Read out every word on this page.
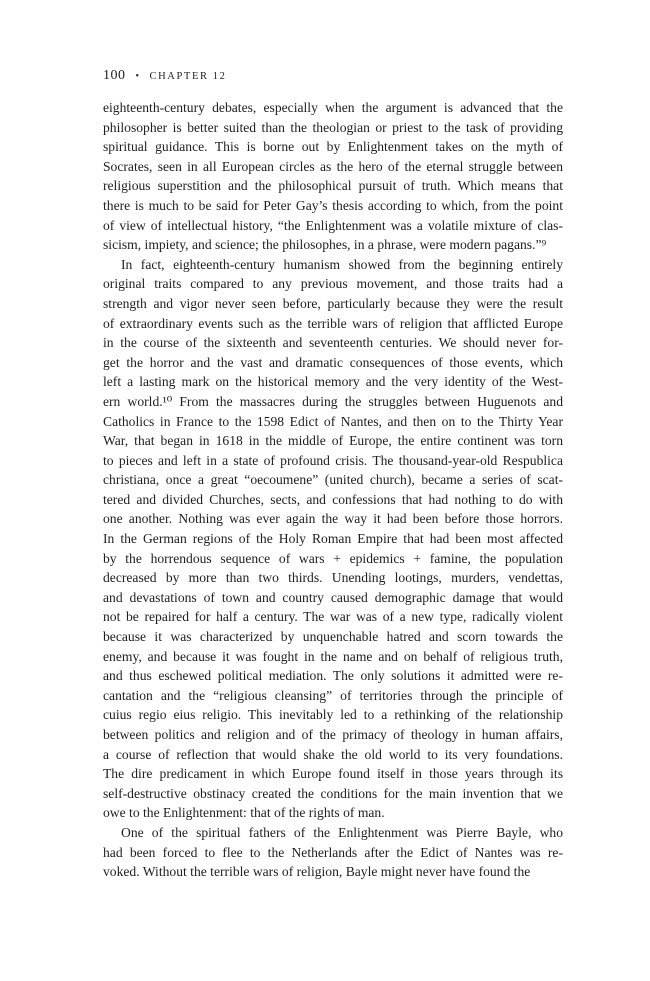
100 • CHAPTER 12
eighteenth-century debates, especially when the argument is advanced that the
philosopher is better suited than the theologian or priest to the task of providing
spiritual guidance. This is borne out by Enlightenment takes on the myth of
Socrates, seen in all European circles as the hero of the eternal struggle between
religious superstition and the philosophical pursuit of truth. Which means that
there is much to be said for Peter Gay’s thesis according to which, from the point
of view of intellectual history, “the Enlightenment was a volatile mixture of clas-
sicism, impiety, and science; the philosophes, in a phrase, were modern pagans.”⁹
In fact, eighteenth-century humanism showed from the beginning entirely
original traits compared to any previous movement, and those traits had a
strength and vigor never seen before, particularly because they were the result
of extraordinary events such as the terrible wars of religion that afflicted Europe
in the course of the sixteenth and seventeenth centuries. We should never for-
get the horror and the vast and dramatic consequences of those events, which
left a lasting mark on the historical memory and the very identity of the West-
ern world.¹⁰ From the massacres during the struggles between Huguenots and
Catholics in France to the 1598 Edict of Nantes, and then on to the Thirty Year
War, that began in 1618 in the middle of Europe, the entire continent was torn
to pieces and left in a state of profound crisis. The thousand-year-old Respublica
christiana, once a great “oecoumene” (united church), became a series of scat-
tered and divided Churches, sects, and confessions that had nothing to do with
one another. Nothing was ever again the way it had been before those horrors.
In the German regions of the Holy Roman Empire that had been most affected
by the horrendous sequence of wars + epidemics + famine, the population
decreased by more than two thirds. Unending lootings, murders, vendettas,
and devastations of town and country caused demographic damage that would
not be repaired for half a century. The war was of a new type, radically violent
because it was characterized by unquenchable hatred and scorn towards the
enemy, and because it was fought in the name and on behalf of religious truth,
and thus eschewed political mediation. The only solutions it admitted were re-
cantation and the “religious cleansing” of territories through the principle of
cuius regio eius religio. This inevitably led to a rethinking of the relationship
between politics and religion and of the primacy of theology in human affairs,
a course of reflection that would shake the old world to its very foundations.
The dire predicament in which Europe found itself in those years through its
self-destructive obstinacy created the conditions for the main invention that we
owe to the Enlightenment: that of the rights of man.
One of the spiritual fathers of the Enlightenment was Pierre Bayle, who
had been forced to flee to the Netherlands after the Edict of Nantes was re-
voked. Without the terrible wars of religion, Bayle might never have found the
